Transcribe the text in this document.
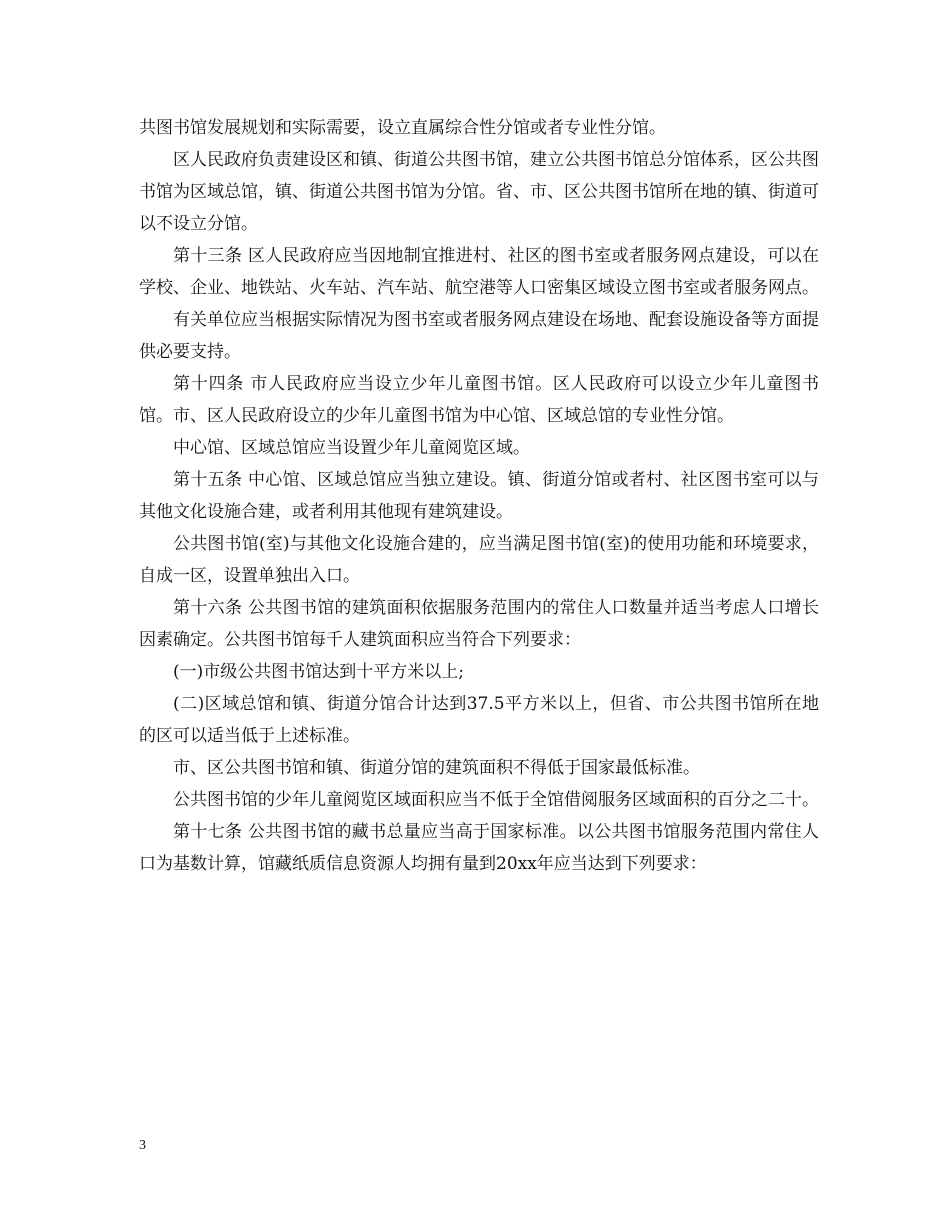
共图书馆发展规划和实际需要，设立直属综合性分馆或者专业性分馆。

区人民政府负责建设区和镇、街道公共图书馆，建立公共图书馆总分馆体系，区公共图书馆为区域总馆，镇、街道公共图书馆为分馆。省、市、区公共图书馆所在地的镇、街道可以不设立分馆。

第十三条 区人民政府应当因地制宜推进村、社区的图书室或者服务网点建设，可以在学校、企业、地铁站、火车站、汽车站、航空港等人口密集区域设立图书室或者服务网点。

有关单位应当根据实际情况为图书室或者服务网点建设在场地、配套设施设备等方面提供必要支持。

第十四条 市人民政府应当设立少年儿童图书馆。区人民政府可以设立少年儿童图书馆。市、区人民政府设立的少年儿童图书馆为中心馆、区域总馆的专业性分馆。

中心馆、区域总馆应当设置少年儿童阅览区域。

第十五条 中心馆、区域总馆应当独立建设。镇、街道分馆或者村、社区图书室可以与其他文化设施合建，或者利用其他现有建筑建设。

公共图书馆(室)与其他文化设施合建的，应当满足图书馆(室)的使用功能和环境要求，自成一区，设置单独出入口。

第十六条 公共图书馆的建筑面积依据服务范围内的常住人口数量并适当考虑人口增长因素确定。公共图书馆每千人建筑面积应当符合下列要求：

(一)市级公共图书馆达到十平方米以上;

(二)区域总馆和镇、街道分馆合计达到37.5平方米以上，但省、市公共图书馆所在地的区可以适当低于上述标准。

市、区公共图书馆和镇、街道分馆的建筑面积不得低于国家最低标准。

公共图书馆的少年儿童阅览区域面积应当不低于全馆借阅服务区域面积的百分之二十。

第十七条 公共图书馆的藏书总量应当高于国家标准。以公共图书馆服务范围内常住人口为基数计算，馆藏纸质信息资源人均拥有量到20xx年应当达到下列要求：

3
